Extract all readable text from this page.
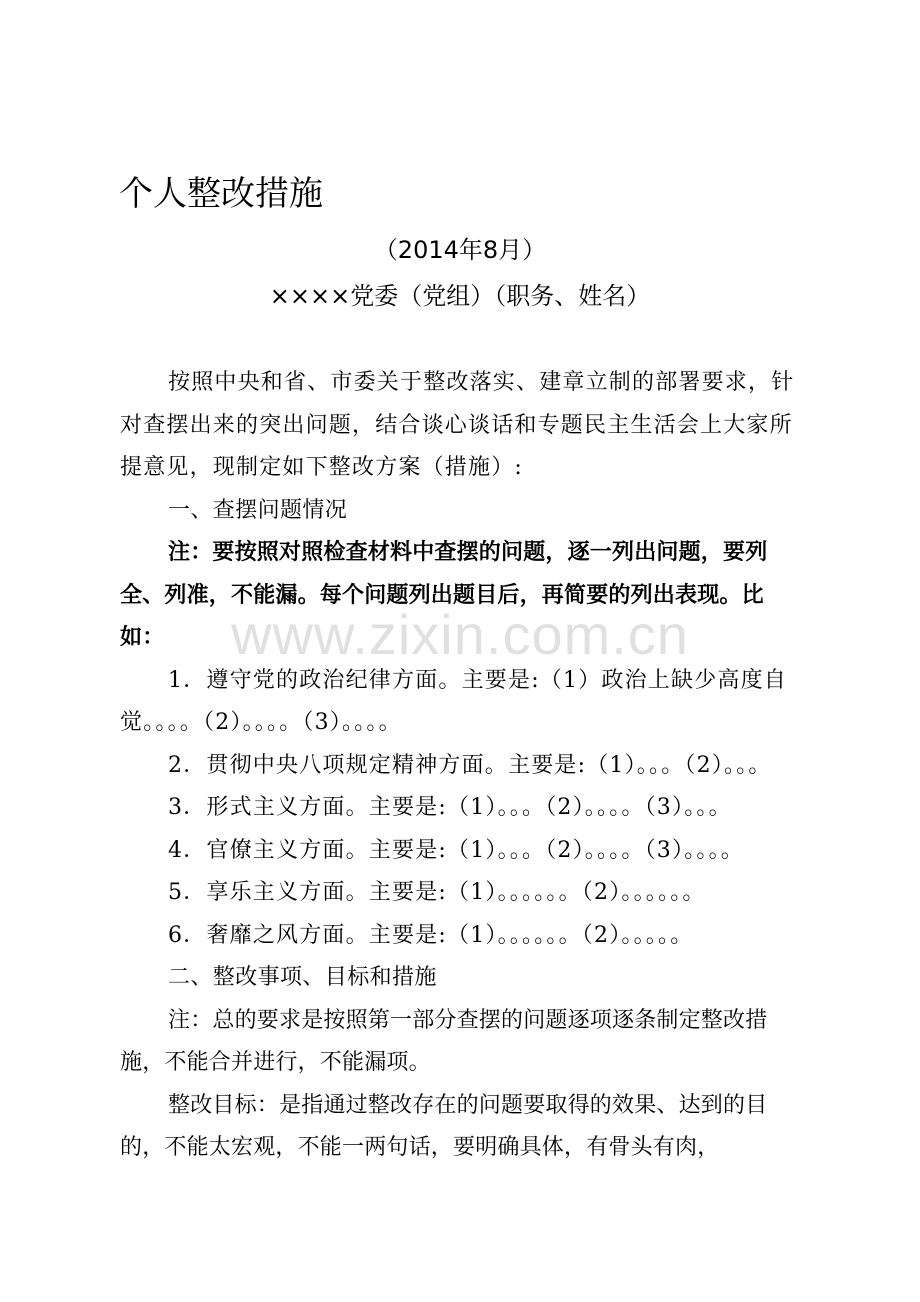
个人整改措施
（2014年8月）
××××党委（党组）（职务、姓名）
www.zixin.com.cn

按照中央和省、市委关于整改落实、建章立制的部署要求，针对查摆出来的突出问题，结合谈心谈话和专题民主生活会上大家所提意见，现制定如下整改方案（措施）:

一、查摆问题情况

注：要按照对照检查材料中查摆的问题，逐一列出问题，要列全、列准，不能漏。每个问题列出题目后，再简要的列出表现。比如：

1．遵守党的政治纪律方面。主要是:（1）政治上缺少高度自觉。。。。（2）。。。。（3）。。。。

2．贯彻中央八项规定精神方面。主要是:（1）。。。（2）。。。

3．形式主义方面。主要是:（1）。。。（2）。。。。（3）。。。

4．官僚主义方面。主要是:（1）。。。（2）。。。。（3）。。。。

5．享乐主义方面。主要是:（1）。。。。。。（2）。。。。。。

6．奢靡之风方面。主要是:（1）。。。。。。（2）。。。。。

二、整改事项、目标和措施

注：总的要求是按照第一部分查摆的问题逐项逐条制定整改措施，不能合并进行，不能漏项。

整改目标：是指通过整改存在的问题要取得的效果、达到的目的，不能太宏观，不能一两句话，要明确具体，有骨头有肉，
